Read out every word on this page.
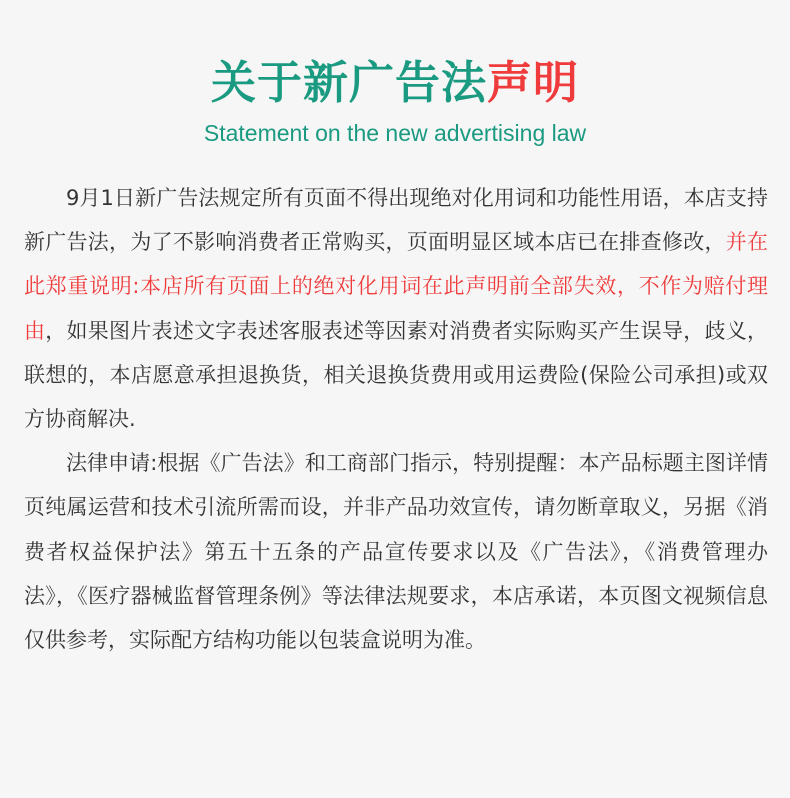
关于新广告法声明
Statement on the new advertising law

9月1日新广告法规定所有页面不得出现绝对化用词和功能性用语，本店支持新广告法，为了不影响消费者正常购买，页面明显区域本店已在排查修改，并在此郑重说明:本店所有页面上的绝对化用词在此声明前全部失效，不作为赔付理由，如果图片表述文字表述客服表述等因素对消费者实际购买产生误导，歧义，联想的，本店愿意承担退换货，相关退换货费用或用运费险(保险公司承担)或双方协商解决.

法律申请:根据《广告法》和工商部门指示，特别提醒：本产品标题主图详情页纯属运营和技术引流所需而设，并非产品功效宣传，请勿断章取义，另据《消费者权益保护法》第五十五条的产品宣传要求以及《广告法》，《消费管理办法》，《医疗器械监督管理条例》等法律法规要求，本店承诺，本页图文视频信息仅供参考，实际配方结构功能以包装盒说明为准。
